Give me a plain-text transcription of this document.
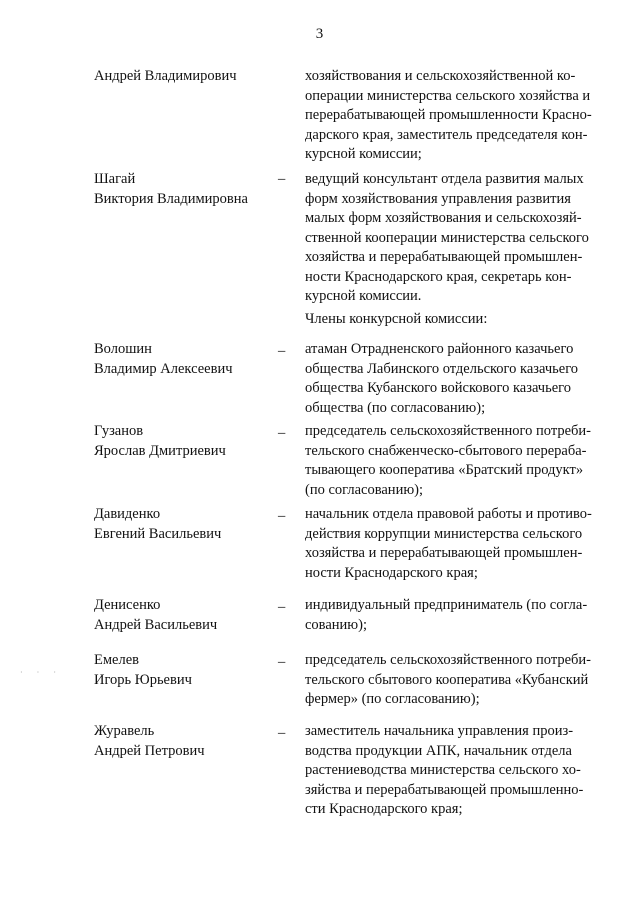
3
Андрей Владимирович	хозяйствования и сельскохозяйственной ко-
операции министерства сельского хозяйства и
перерабатывающей промышленности Красно-
дарского края, заместитель председателя кон-
курсной комиссии;
Шагай
Виктория Владимировна
– ведущий консультант отдела развития малых
форм хозяйствования управления развития
малых форм хозяйствования и сельскохозяй-
ственной кооперации министерства сельского
хозяйства и перерабатывающей промышлен-
ности Краснодарского края, секретарь кон-
курсной комиссии.
Члены конкурсной комиссии:
Волошин
Владимир Алексеевич
– атаман Отрадненского районного казачьего
общества Лабинского отдельского казачьего
общества Кубанского войскового казачьего
общества (по согласованию);
Гузанов
Ярослав Дмитриевич
– председатель сельскохозяйственного потреби-
тельского снабженческо-сбытового перераба-
тывающего кооператива «Братский продукт»
(по согласованию);
Давиденко
Евгений Васильевич
– начальник отдела правовой работы и противо-
действия коррупции министерства сельского
хозяйства и перерабатывающей промышлен-
ности Краснодарского края;
Денисенко
Андрей Васильевич
– индивидуальный предприниматель (по согла-
сованию);
· · ·
Емелев
Игорь Юрьевич
– председатель сельскохозяйственного потреби-
тельского сбытового кооператива «Кубанский
фермер» (по согласованию);
Журавель
Андрей Петрович
– заместитель начальника управления произ-
водства продукции АПК, начальник отдела
растениеводства министерства сельского хо-
зяйства и перерабатывающей промышленно-
сти Краснодарского края;
